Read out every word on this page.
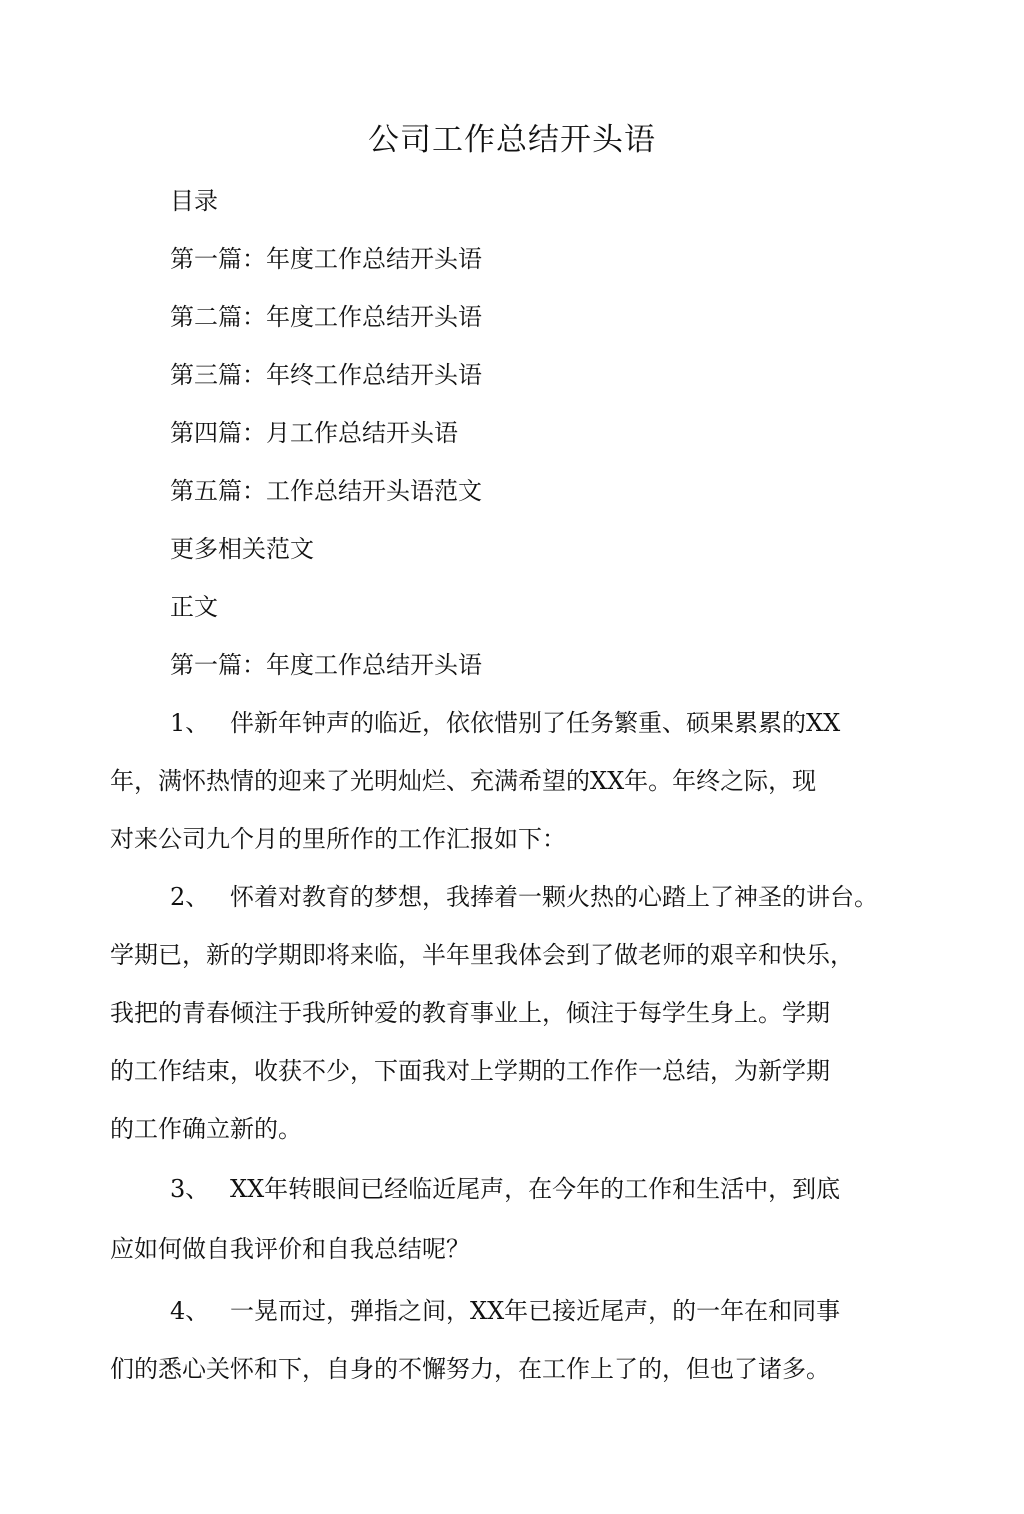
公司工作总结开头语

目录

第一篇：年度工作总结开头语

第二篇：年度工作总结开头语

第三篇：年终工作总结开头语

第四篇：月工作总结开头语

第五篇：工作总结开头语范文

更多相关范文

正文

第一篇：年度工作总结开头语

1、 伴新年钟声的临近，依依惜别了任务繁重、硕果累累的XX

年，满怀热情的迎来了光明灿烂、充满希望的XX年。年终之际，现

对来公司九个月的里所作的工作汇报如下：

2、 怀着对教育的梦想，我捧着一颗火热的心踏上了神圣的讲台。

学期已，新的学期即将来临，半年里我体会到了做老师的艰辛和快乐，

我把的青春倾注于我所钟爱的教育事业上，倾注于每学生身上。学期

的工作结束，收获不少，下面我对上学期的工作作一总结，为新学期

的工作确立新的。

3、 XX年转眼间已经临近尾声，在今年的工作和生活中，到底

应如何做自我评价和自我总结呢？

4、 一晃而过，弹指之间，XX年已接近尾声，的一年在和同事

们的悉心关怀和下，自身的不懈努力，在工作上了的，但也了诸多。
